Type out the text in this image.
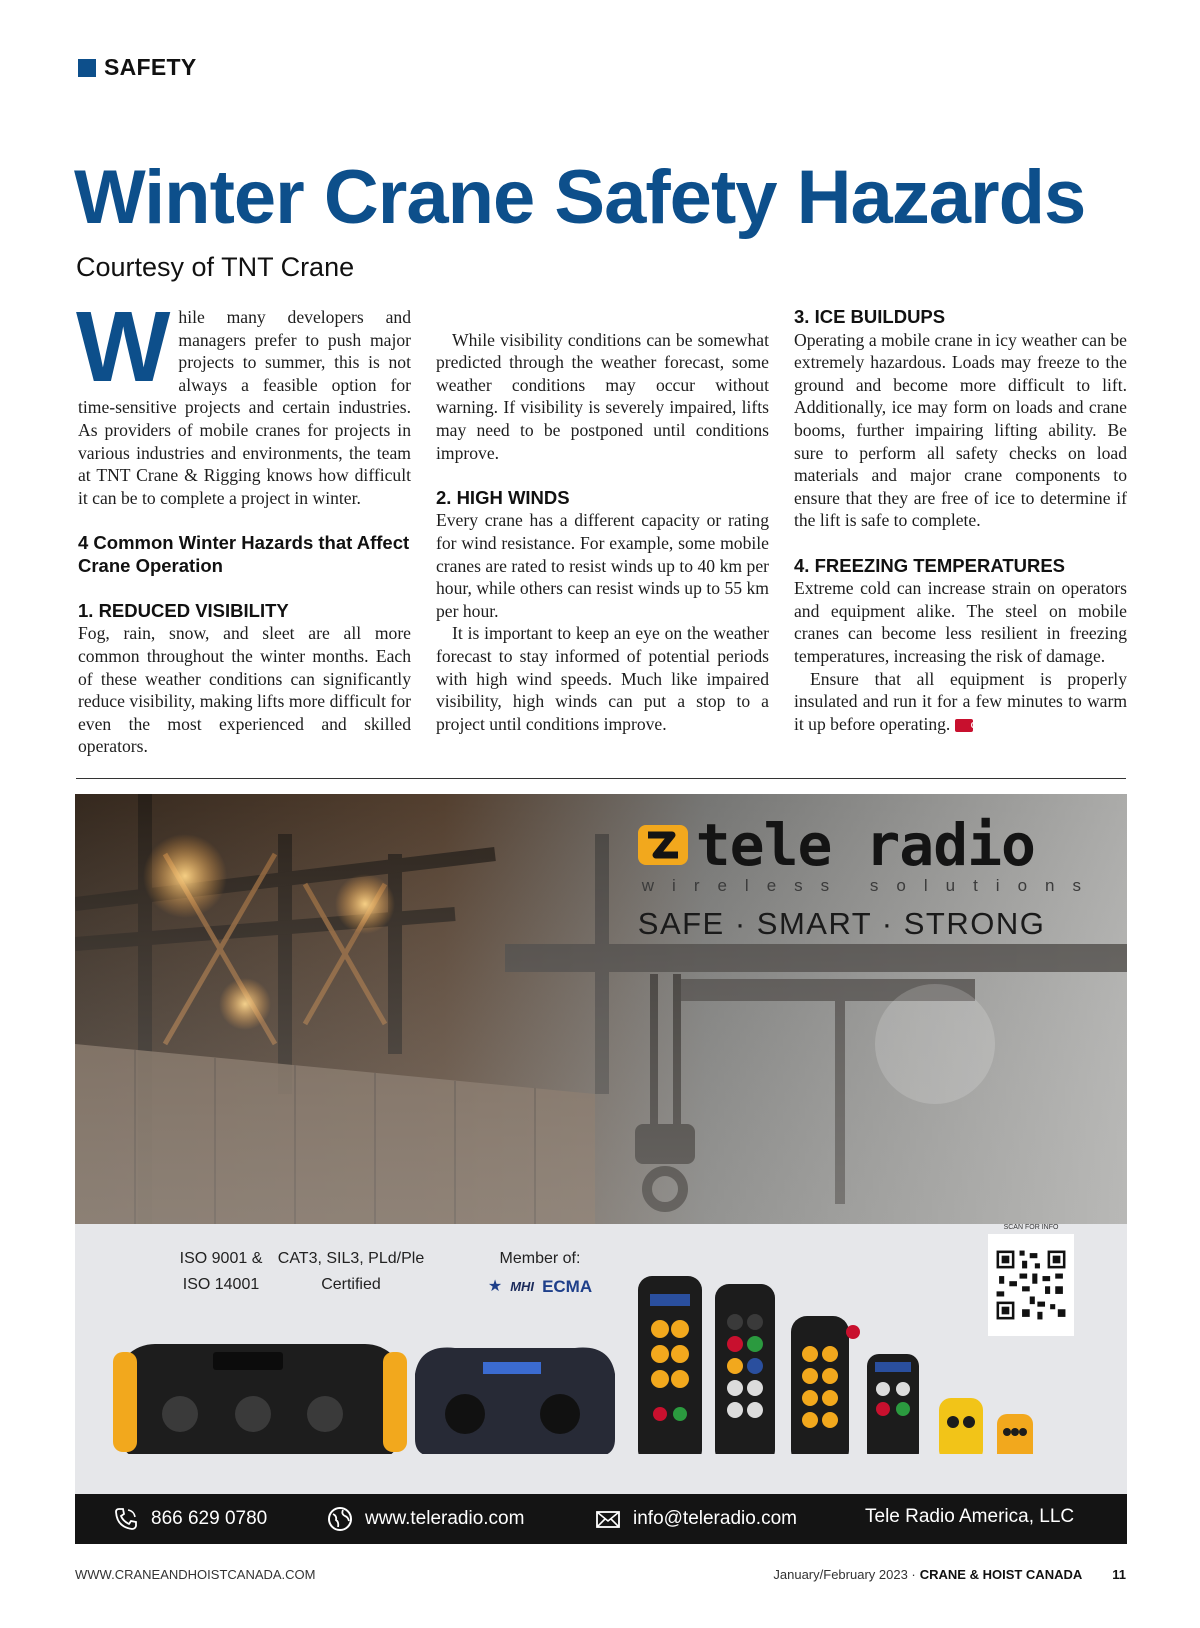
SAFETY
Winter Crane Safety Hazards
Courtesy of TNT Crane

While many developers and managers prefer to push major projects to summer, this is not always a feasible option for time-sensitive projects and certain industries. As providers of mobile cranes for projects in various industries and environments, the team at TNT Crane & Rigging knows how difficult it can be to complete a project in winter.

4 Common Winter Hazards that Affect Crane Operation
1. REDUCED VISIBILITY

Fog, rain, snow, and sleet are all more common throughout the winter months. Each of these weather conditions can significantly reduce visibility, making lifts more difficult for even the most experienced and skilled operators.

While visibility conditions can be somewhat predicted through the weather forecast, some weather conditions may occur without warning. If visibility is severely impaired, lifts may need to be postponed until conditions improve.

2. HIGH WINDS

Every crane has a different capacity or rating for wind resistance. For example, some mobile cranes are rated to resist winds up to 40 km per hour, while others can resist winds up to 55 km per hour.

It is important to keep an eye on the weather forecast to stay informed of potential periods with high wind speeds. Much like impaired visibility, high winds can put a stop to a project until conditions improve.

3. ICE BUILDUPS

Operating a mobile crane in icy weather can be extremely hazardous. Loads may freeze to the ground and become more difficult to lift. Additionally, ice may form on loads and crane booms, further impairing lifting ability. Be sure to perform all safety checks on load materials and major crane components to ensure that they are free of ice to determine if the lift is safe to complete.

4. FREEZING TEMPERATURES

Extreme cold can increase strain on operators and equipment alike. The steel on mobile cranes can become less resilient in freezing temperatures, increasing the risk of damage.

Ensure that all equipment is properly insulated and run it for a few minutes to warm it up before operating.	CHC

tele radio
wireless solutions
SAFE · SMART · STRONG
ISO 9001 &
ISO 14001
CAT3, SIL3, PLd/Ple
Certified
Member of:
★ MHI ECMA
SCAN FOR INFO
866 629 0780	www.teleradio.com	info@teleradio.com	Tele Radio America, LLC
WWW.CRANEANDHOISTCANADA.COM	January/February 2023 · CRANE & HOIST CANADA 11
